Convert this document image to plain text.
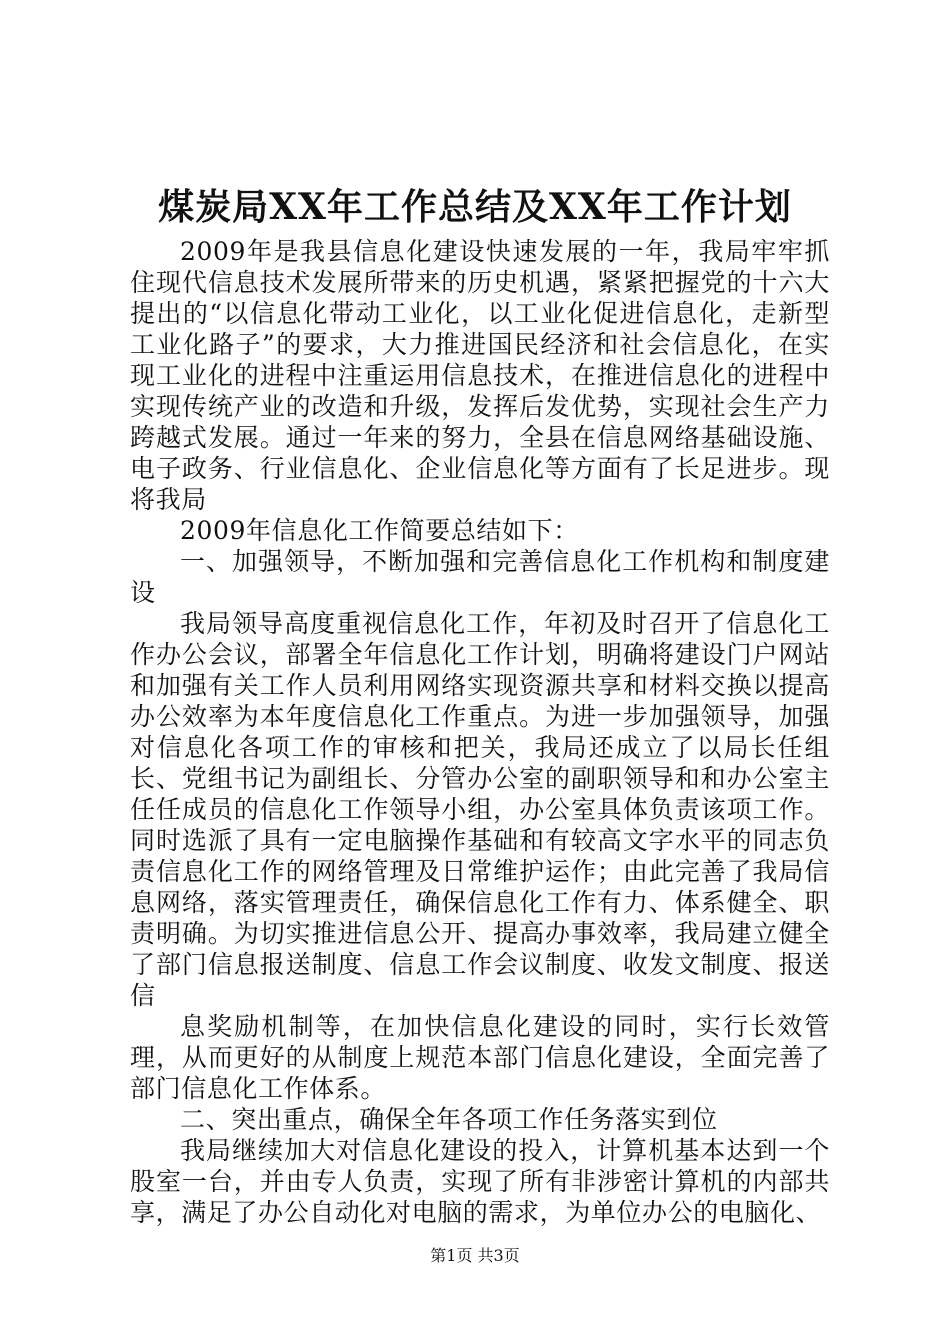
煤炭局XX年工作总结及XX年工作计划

2009年是我县信息化建设快速发展的一年，我局牢牢抓住现代信息技术发展所带来的历史机遇，紧紧把握党的十六大提出的“以信息化带动工业化，以工业化促进信息化，走新型工业化路子”的要求，大力推进国民经济和社会信息化，在实现工业化的进程中注重运用信息技术，在推进信息化的进程中实现传统产业的改造和升级，发挥后发优势，实现社会生产力跨越式发展。通过一年来的努力，全县在信息网络基础设施、电子政务、行业信息化、企业信息化等方面有了长足进步。现将我局

2009年信息化工作简要总结如下：

一、加强领导，不断加强和完善信息化工作机构和制度建设

我局领导高度重视信息化工作，年初及时召开了信息化工作办公会议，部署全年信息化工作计划，明确将建设门户网站和加强有关工作人员利用网络实现资源共享和材料交换以提高办公效率为本年度信息化工作重点。为进一步加强领导，加强对信息化各项工作的审核和把关，我局还成立了以局长任组长、党组书记为副组长、分管办公室的副职领导和和办公室主任任成员的信息化工作领导小组，办公室具体负责该项工作。同时选派了具有一定电脑操作基础和有较高文字水平的同志负责信息化工作的网络管理及日常维护运作；由此完善了我局信息网络，落实管理责任，确保信息化工作有力、体系健全、职责明确。为切实推进信息公开、提高办事效率，我局建立健全了部门信息报送制度、信息工作会议制度、收发文制度、报送信

息奖励机制等，在加快信息化建设的同时，实行长效管理，从而更好的从制度上规范本部门信息化建设，全面完善了部门信息化工作体系。

二、突出重点，确保全年各项工作任务落实到位

我局继续加大对信息化建设的投入，计算机基本达到一个股室一台，并由专人负责，实现了所有非涉密计算机的内部共享，满足了办公自动化对电脑的需求，为单位办公的电脑化、

第1页 共3页
